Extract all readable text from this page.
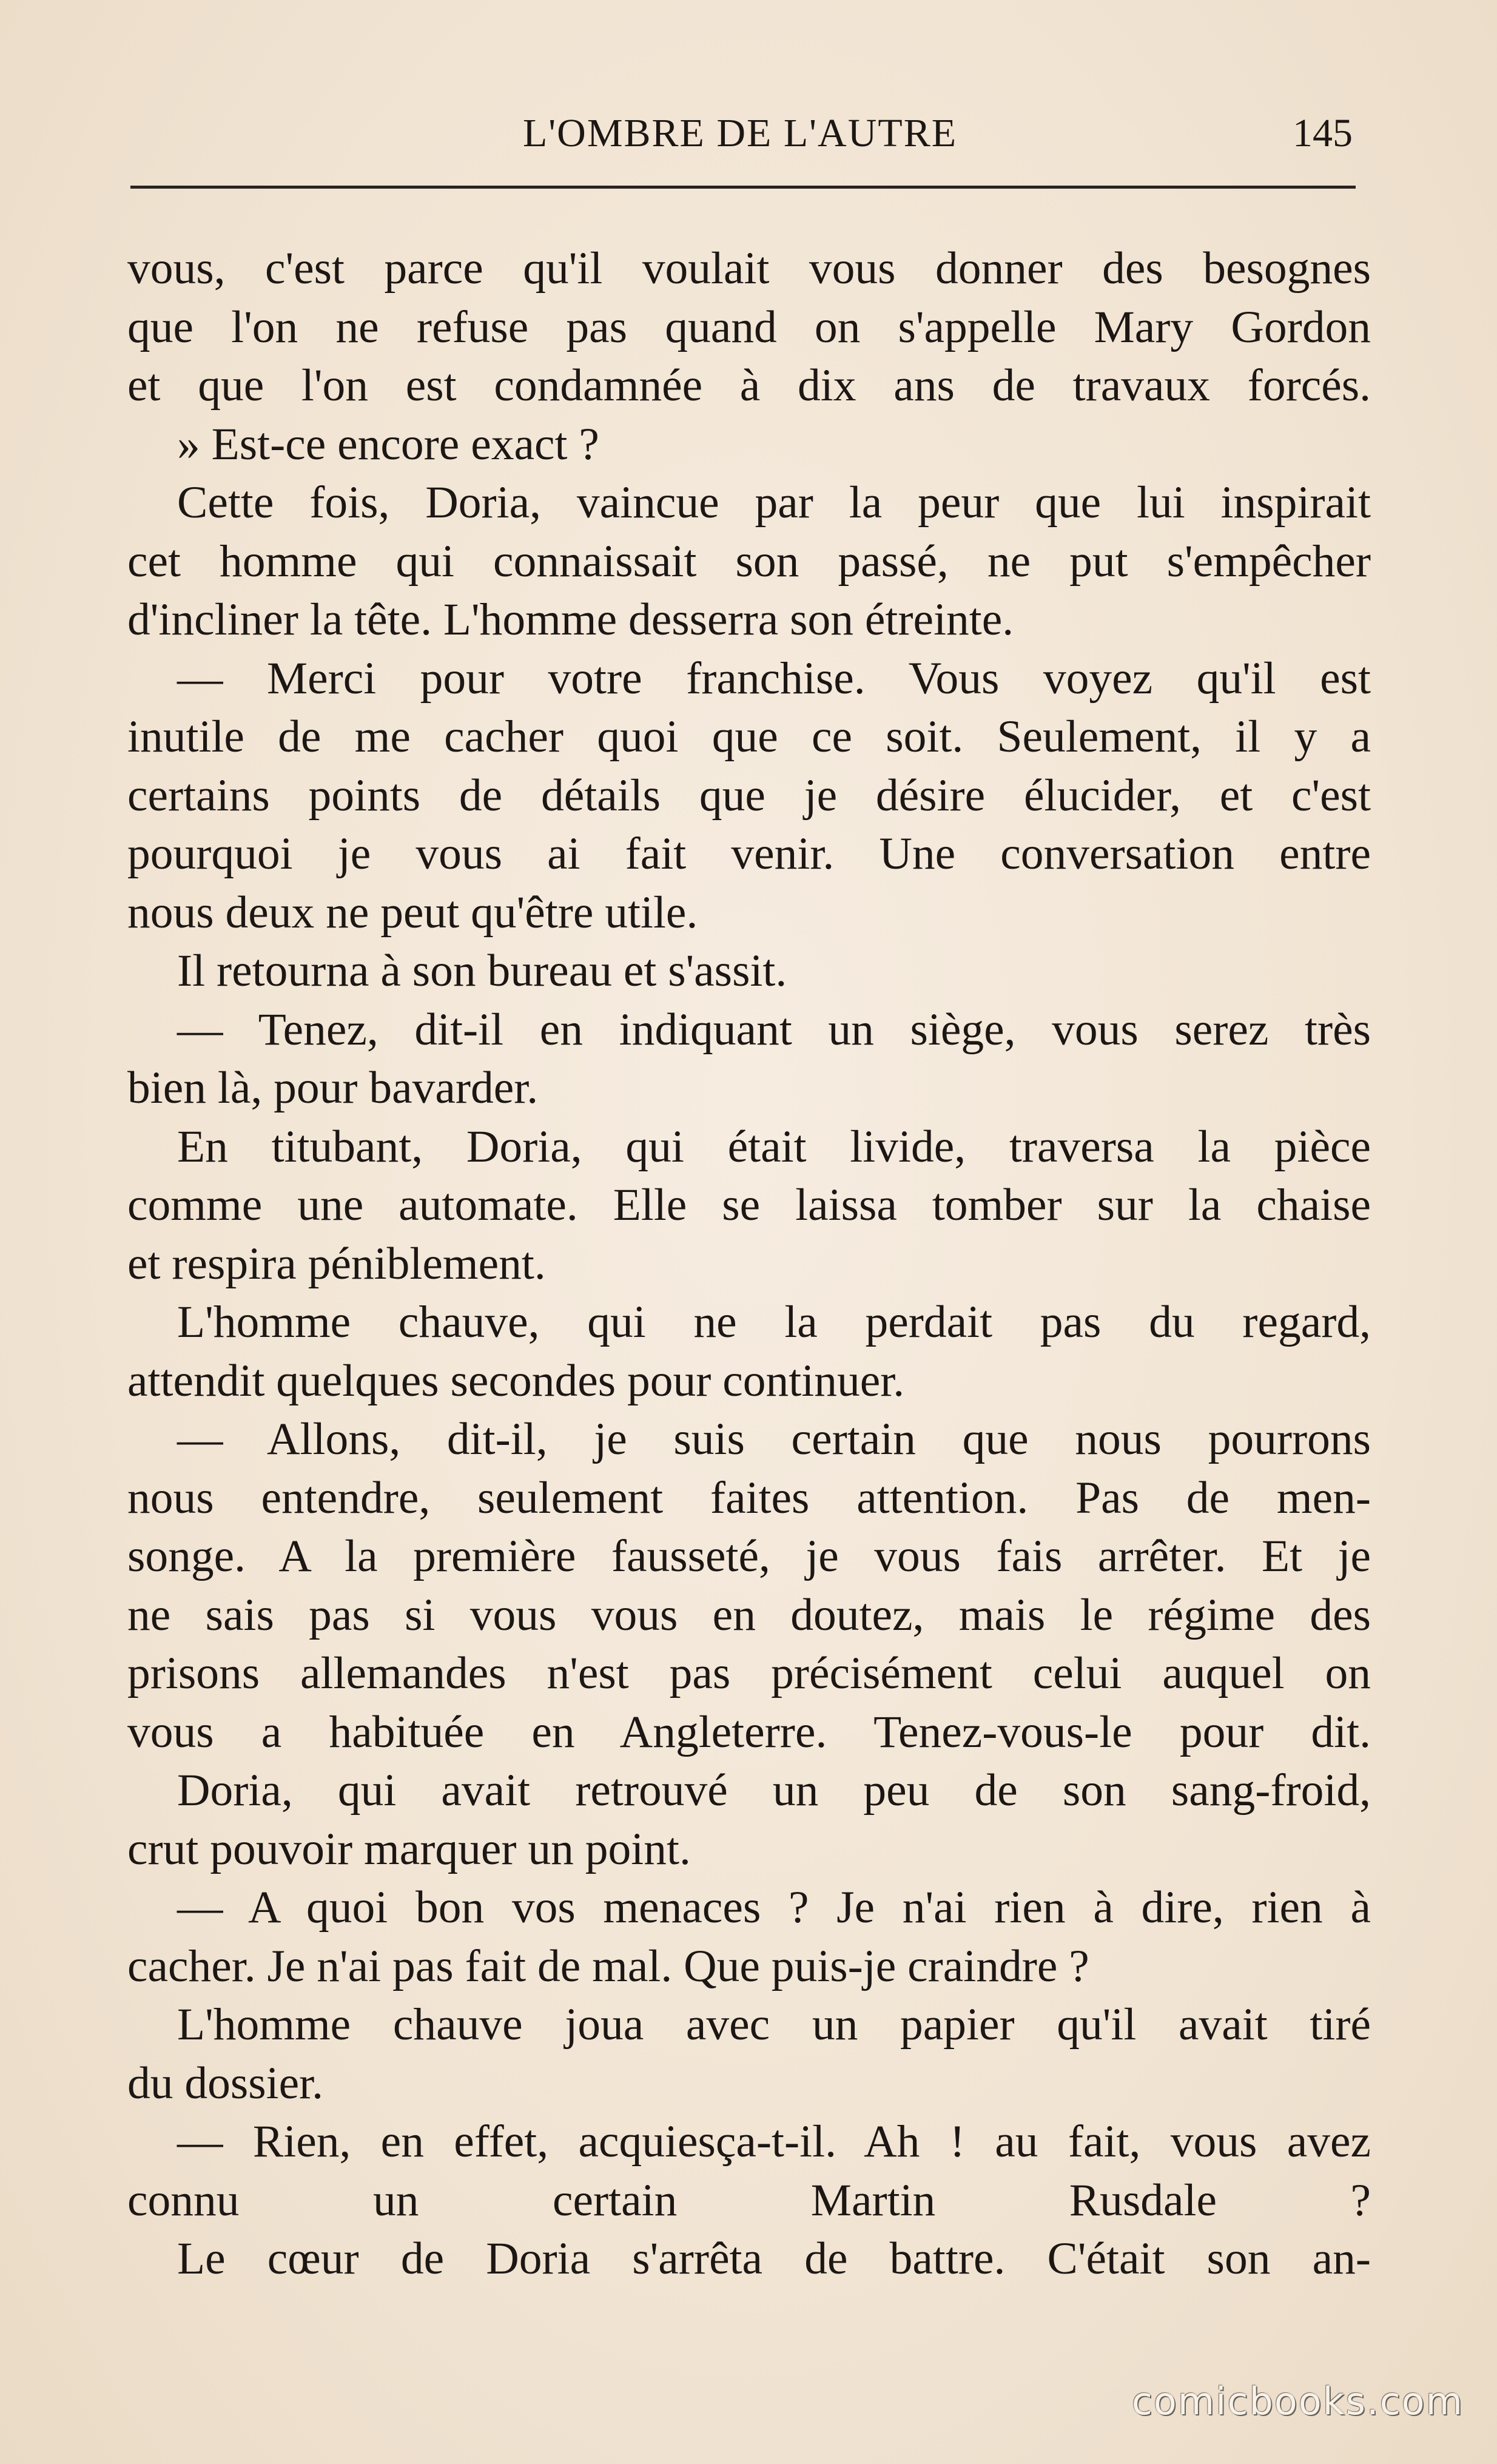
L'OMBRE DE L'AUTRE	145
vous, c'est parce qu'il voulait vous donner des besognes
que l'on ne refuse pas quand on s'appelle Mary Gordon
et que l'on est condamnée à dix ans de travaux forcés.
» Est-ce encore exact ?
Cette fois, Doria, vaincue par la peur que lui inspirait
cet homme qui connaissait son passé, ne put s'empêcher
d'incliner la tête. L'homme desserra son étreinte.
— Merci pour votre franchise. Vous voyez qu'il est
inutile de me cacher quoi que ce soit. Seulement, il y a
certains points de détails que je désire élucider, et c'est
pourquoi je vous ai fait venir. Une conversation entre
nous deux ne peut qu'être utile.
Il retourna à son bureau et s'assit.
— Tenez, dit-il en indiquant un siège, vous serez très
bien là, pour bavarder.
En titubant, Doria, qui était livide, traversa la pièce
comme une automate. Elle se laissa tomber sur la chaise
et respira péniblement.
L'homme chauve, qui ne la perdait pas du regard,
attendit quelques secondes pour continuer.
— Allons, dit-il, je suis certain que nous pourrons
nous entendre, seulement faites attention. Pas de men-
songe. A la première fausseté, je vous fais arrêter. Et je
ne sais pas si vous vous en doutez, mais le régime des
prisons allemandes n'est pas précisément celui auquel on
vous a habituée en Angleterre. Tenez-vous-le pour dit.
Doria, qui avait retrouvé un peu de son sang-froid,
crut pouvoir marquer un point.
— A quoi bon vos menaces ? Je n'ai rien à dire, rien à
cacher. Je n'ai pas fait de mal. Que puis-je craindre ?
L'homme chauve joua avec un papier qu'il avait tiré
du dossier.
— Rien, en effet, acquiesça-t-il. Ah ! au fait, vous avez
connu un certain Martin Rusdale ?
Le cœur de Doria s'arrêta de battre. C'était son an-
comicbooks.com
